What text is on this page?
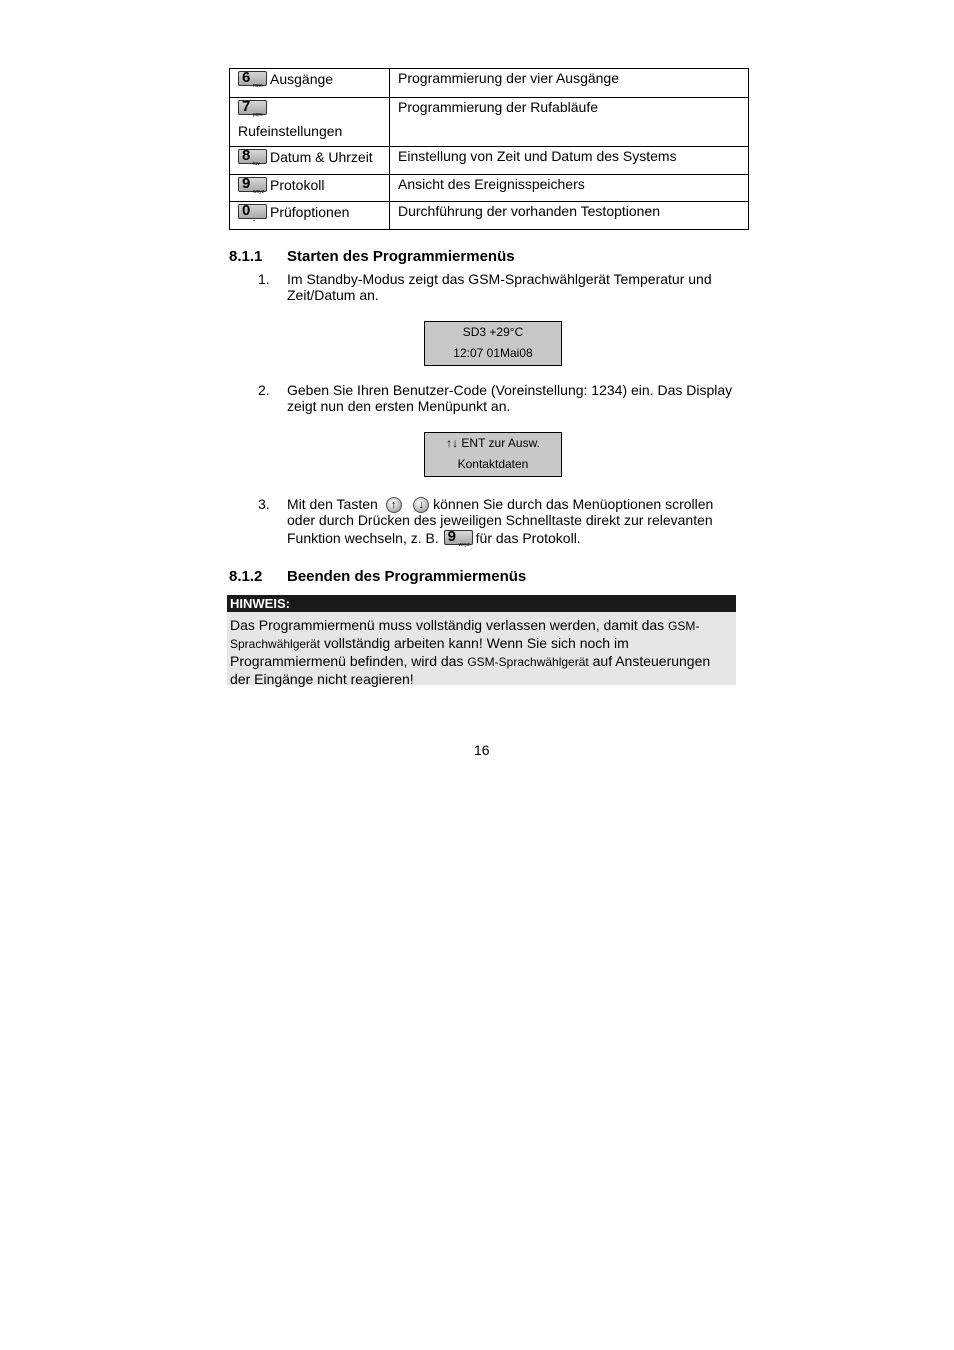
6 mno Ausgänge	Programmierung der vier Ausgänge

7 pqrs

Rufeinstellungen	Programmierung der Rufabläufe

8 tuv Datum & Uhrzeit	Einstellung von Zeit und Datum des Systems

9 wxyz Protokoll	Ansicht des Ereignisspeichers

0 ⎵ Prüfoptionen	Durchführung der vorhanden Testoptionen
8.1.1 Starten des Programmiermenüs
1. Im Standby-Modus zeigt das GSM-Sprachwählgerät Temperatur und Zeit/Datum an.
SD3 +29°C
12:07 01Mai08
2. Geben Sie Ihren Benutzer-Code (Voreinstellung: 1234) ein. Das Display zeigt nun den ersten Menüpunkt an.
↑↓ ENT zur Ausw.
Kontaktdaten
3. Mit den Tasten ↑ ↓ können Sie durch das Menüoptionen scrollen
oder durch Drücken des jeweiligen Schnelltaste direkt zur relevanten
Funktion wechseln, z. B. 9 wxyz für das Protokoll.
8.1.2 Beenden des Programmiermenüs
HINWEIS:
Das Programmiermenü muss vollständig verlassen werden, damit das GSM-
Sprachwählgerät vollständig arbeiten kann! Wenn Sie sich noch im
Programmiermenü befinden, wird das GSM-Sprachwählgerät auf Ansteuerungen
der Eingänge nicht reagieren!
16
